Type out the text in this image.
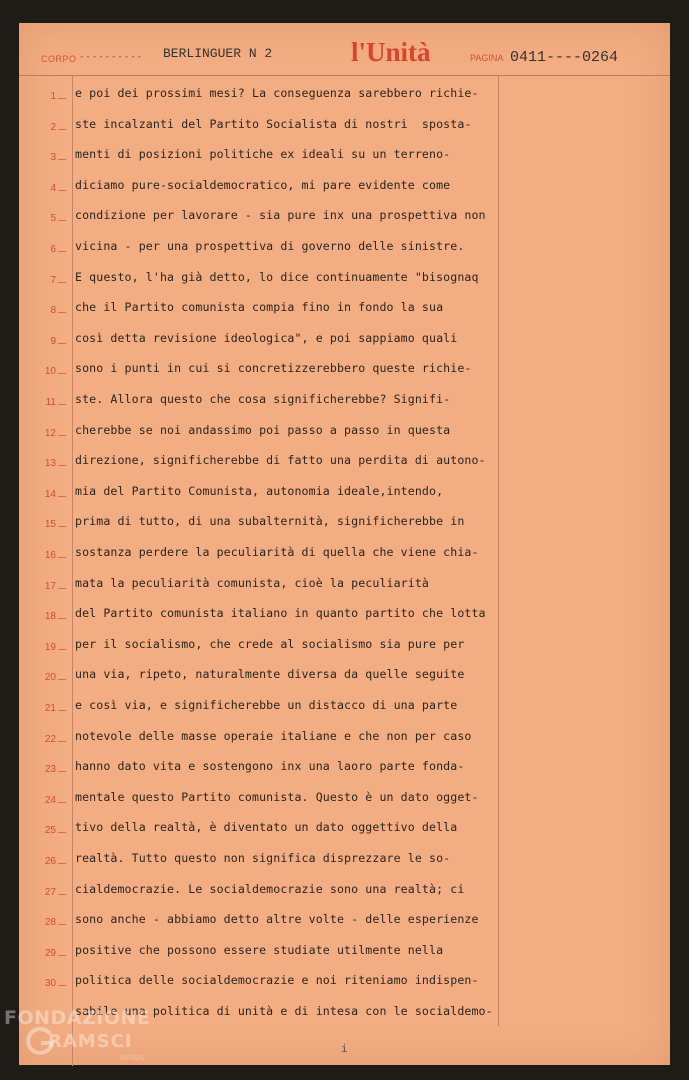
CORPO ---------- BERLINGUER N 2	l'Unità	PAGINA 0411----0264
1
2
3
4
5
6
7
8
9
10
11
12
13
14
15
16
17
18
19
20
21
22
23
24
25
26
27
28
29
30
e poi dei prossimi mesi? La conseguenza sarebbero richie-
ste incalzanti del Partito Socialista di nostri  sposta-
menti di posizioni politiche ex ideali su un terreno-
diciamo pure-socialdemocratico, mi pare evidente come
condizione per lavorare - sia pure inx una prospettiva non
vicina - per una prospettiva di governo delle sinistre.
E questo, l'ha già detto, lo dice continuamente "bisognaq
che il Partito comunista compia fino in fondo la sua
così detta revisione ideologica", e poi sappiamo quali
sono i punti in cui si concretizzerebbero queste richie-
ste. Allora questo che cosa significherebbe? Signifi-
cherebbe se noi andassimo poi passo a passo in questa
direzione, significherebbe di fatto una perdita di autono-
mia del Partito Comunista, autonomia ideale,intendo,
prima di tutto, di una subalternità, significherebbe in
sostanza perdere la peculiarità di quella che viene chia-
mata la peculiarità comunista, cioè la peculiarità
del Partito comunista italiano in quanto partito che lotta
per il socialismo, che crede al socialismo sia pure per
una via, ripeto, naturalmente diversa da quelle seguite
e così via, e significherebbe un distacco di una parte
notevole delle masse operaie italiane e che non per caso
hanno dato vita e sostengono inx una laoro parte fonda-
mentale questo Partito comunista. Questo è un dato ogget-
tivo della realtà, è diventato un dato oggettivo della
realtà. Tutto questo non significa disprezzare le so-
cialdemocrazie. Le socialdemocrazie sono una realtà; ci
sono anche - abbiamo detto altre volte - delle esperienze
positive che possono essere studiate utilmente nella
politica delle socialdemocrazie e noi riteniamo indispen-
sabile una politica di unità e di intesa con le socialdemo-
i
FONDAZIONE
RAMSCI
onlus
